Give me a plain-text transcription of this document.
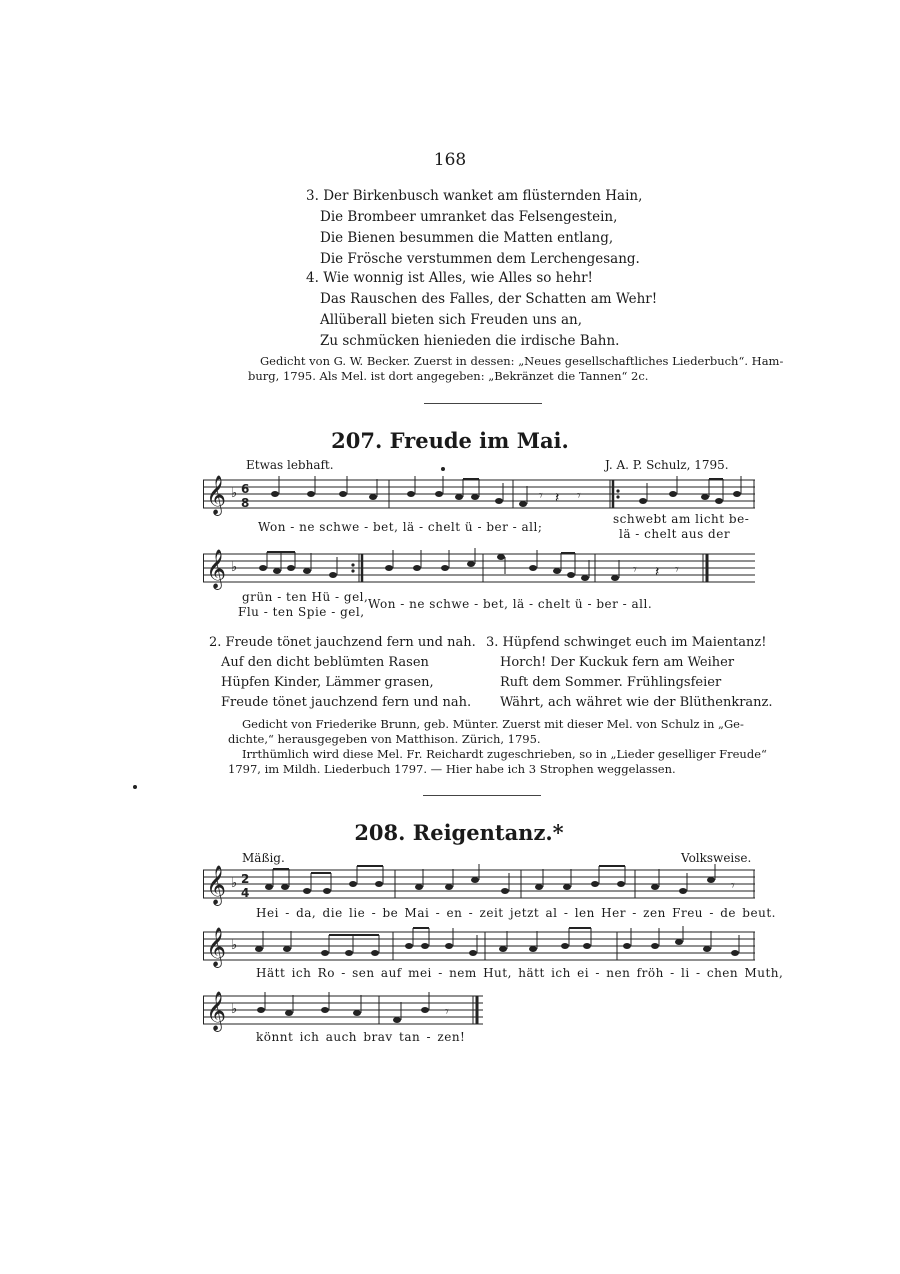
168
3. Der Birkenbusch wanket am flüsternden Hain,
Die Brombeer umranket das Felsengestein,
Die Bienen besummen die Matten entlang,
Die Frösche verstummen dem Lerchengesang.
4. Wie wonnig ist Alles, wie Alles so hehr!
Das Rauschen des Falles, der Schatten am Wehr!
Allüberall bieten sich Freuden uns an,
Zu schmücken hienieden die irdische Bahn.
Gedicht von G. W. Becker. Zuerst in dessen: „Neues gesellschaftliches Liederbuch“. Ham-
burg, 1795. Als Mel. ist dort angegeben: „Bekränzet die Tannen“ 2c.
207. Freude im Mai.
Etwas lebhaft.	J. A. P. Schulz, 1795.
𝄞 ♭ 6
8	𝄽 𝄾
𝄾
Won - ne schwe - bet, lä - chelt ü - ber - all;
schwebt am licht be-
lä - chelt aus der
𝄞 ♭	𝄾 𝄽 𝄾
grün - ten Hü - gel,
Flu - ten Spie - gel,
Won - ne schwe - bet, lä - chelt ü - ber - all.
2. Freude tönet jauchzend fern und nah.
Auf den dicht beblümten Rasen
Hüpfen Kinder, Lämmer grasen,
Freude tönet jauchzend fern und nah.
3. Hüpfend schwinget euch im Maientanz!
Horch! Der Kuckuk fern am Weiher
Ruft dem Sommer. Frühlingsfeier
Währt, ach währet wie der Blüthenkranz.
Gedicht von Friederike Brunn, geb. Münter. Zuerst mit dieser Mel. von Schulz in „Ge-
dichte,“ herausgegeben von Matthison. Zürich, 1795.
Irrthümlich wird diese Mel. Fr. Reichardt zugeschrieben, so in „Lieder geselliger Freude“
1797, im Mildh. Liederbuch 1797. — Hier habe ich 3 Strophen weggelassen.
208. Reigentanz.*
Mäßig.	Volksweise.
𝄞 ♭ 2
4	𝄾
Hei - da, die lie - be Mai - en - zeit jetzt al - len Her - zen Freu - de beut.
𝄞 ♭
Hätt ich Ro - sen auf mei - nem Hut, hätt ich ei - nen fröh - li - chen Muth,
𝄞 ♭	𝄾
könnt ich auch brav tan - zen!
